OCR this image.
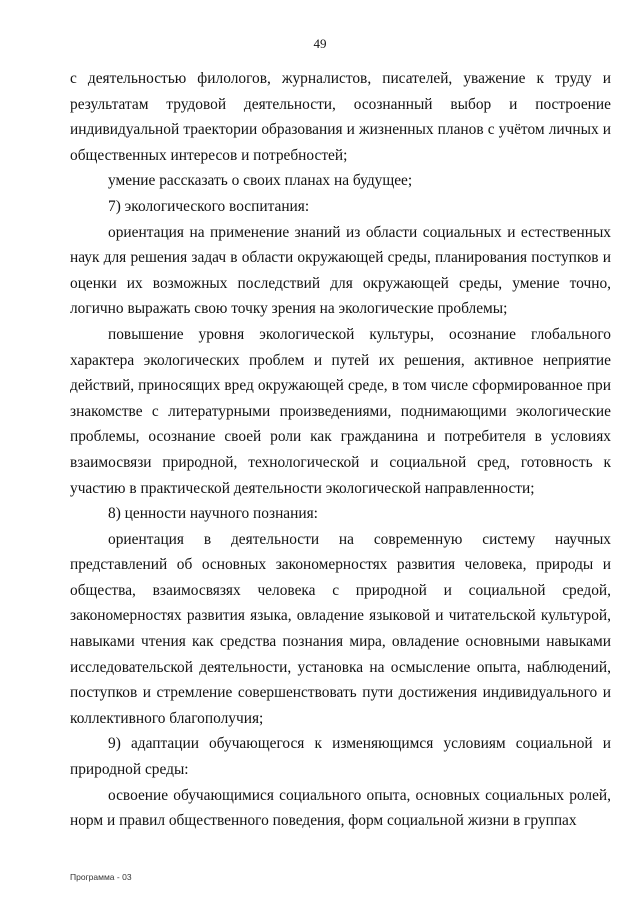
49

с деятельностью филологов, журналистов, писателей, уважение к труду и результатам трудовой деятельности, осознанный выбор и построение индивидуальной траектории образования и жизненных планов с учётом личных и общественных интересов и потребностей;

умение рассказать о своих планах на будущее;

7) экологического воспитания:

ориентация на применение знаний из области социальных и естественных наук для решения задач в области окружающей среды, планирования поступков и оценки их возможных последствий для окружающей среды, умение точно, логично выражать свою точку зрения на экологические проблемы;

повышение уровня экологической культуры, осознание глобального характера экологических проблем и путей их решения, активное неприятие действий, приносящих вред окружающей среде, в том числе сформированное при знакомстве с литературными произведениями, поднимающими экологические проблемы, осознание своей роли как гражданина и потребителя в условиях взаимосвязи природной, технологической и социальной сред, готовность к участию в практической деятельности экологической направленности;

8) ценности научного познания:

ориентация в деятельности на современную систему научных представлений об основных закономерностях развития человека, природы и общества, взаимосвязях человека с природной и социальной средой, закономерностях развития языка, овладение языковой и читательской культурой, навыками чтения как средства познания мира, овладение основными навыками исследовательской деятельности, установка на осмысление опыта, наблюдений, поступков и стремление совершенствовать пути достижения индивидуального и коллективного благополучия;

9) адаптации обучающегося к изменяющимся условиям социальной и природной среды:

освоение обучающимися социального опыта, основных социальных ролей, норм и правил общественного поведения, форм социальной жизни в группах

Программа - 03
